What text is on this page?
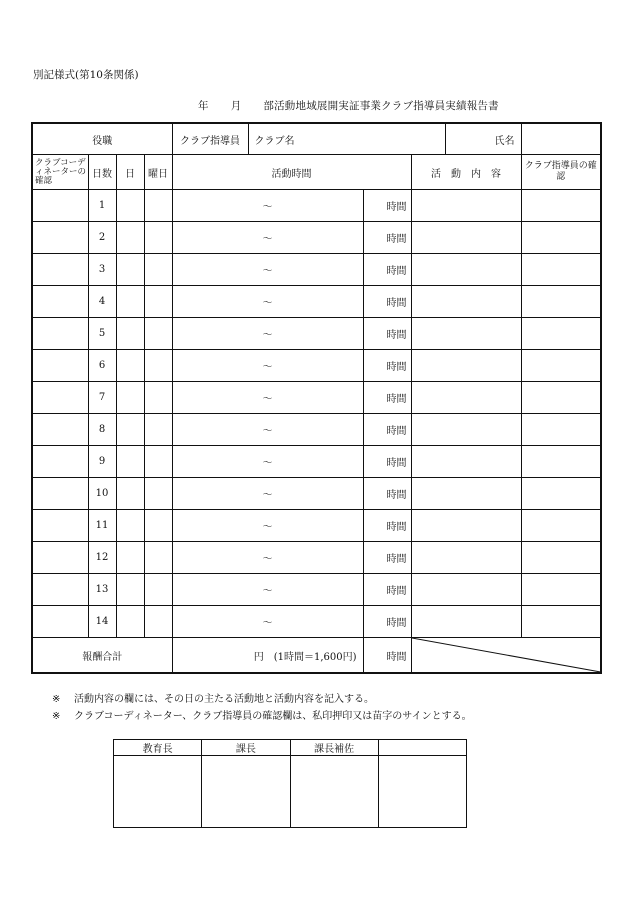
別記様式(第10条関係)
年 月 部活動地域展開実証事業クラブ指導員実績報告書
役職				クラブ指導員	クラブ名			氏名	
クラブコーディネーターの確認	日数	日	曜日	活動時間			活　動　内　容		クラブ指導員の確認
	1			～		時間			
	2			～		時間			
	3			～		時間			
	4			～		時間			
	5			～		時間			
	6			～		時間			
	7			～		時間			
	8			～		時間			
	9			～		時間			
	10			～		時間			
	11			～		時間			
	12			～		時間			
	13			～		時間			
	14			～		時間			
報酬合計				円　(1時間＝1,600円)		時間	
※ 活動内容の欄には、その日の主たる活動地と活動内容を記入する。
※ クラブコーディネーター、クラブ指導員の確認欄は、私印押印又は苗字のサインとする。
教育長	課長	課長補佐	
